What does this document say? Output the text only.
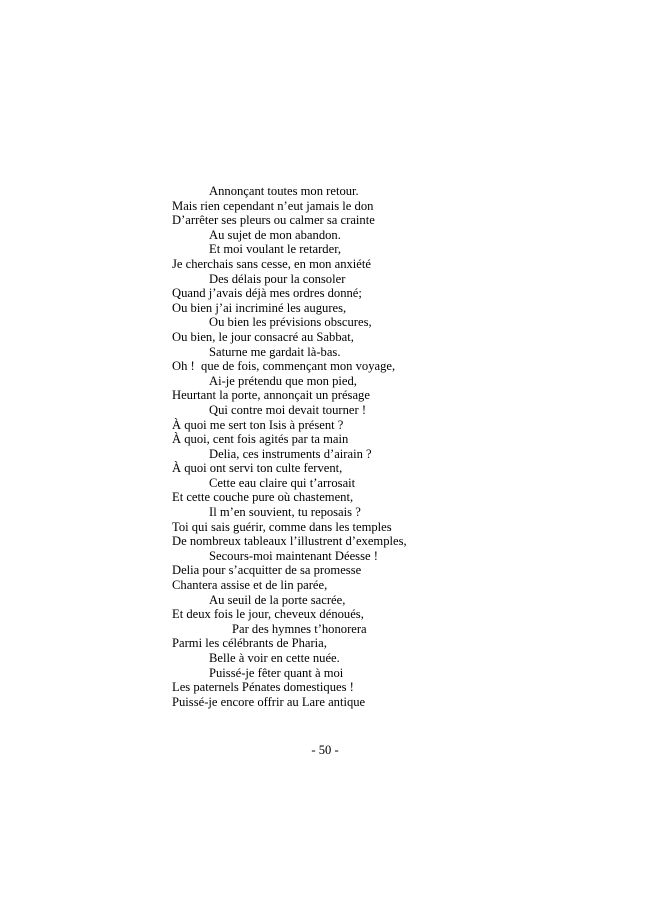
Annonçant toutes mon retour.
Mais rien cependant n’eut jamais le don
D’arrêter ses pleurs ou calmer sa crainte
Au sujet de mon abandon.
Et moi voulant le retarder,
Je cherchais sans cesse, en mon anxiété
Des délais pour la consoler
Quand j’avais déjà mes ordres donné;
Ou bien j’ai incriminé les augures,
Ou bien les prévisions obscures,
Ou bien, le jour consacré au Sabbat,
Saturne me gardait là-bas.
Oh !  que de fois, commençant mon voyage,
Ai-je prétendu que mon pied,
Heurtant la porte, annonçait un présage
Qui contre moi devait tourner !
À quoi me sert ton Isis à présent ?
À quoi, cent fois agités par ta main
Delia, ces instruments d’airain ?
À quoi ont servi ton culte fervent,
Cette eau claire qui t’arrosait
Et cette couche pure où chastement,
Il m’en souvient, tu reposais ?
Toi qui sais guérir, comme dans les temples
De nombreux tableaux l’illustrent d’exemples,
Secours-moi maintenant Déesse !
Delia pour s’acquitter de sa promesse
Chantera assise et de lin parée,
Au seuil de la porte sacrée,
Et deux fois le jour, cheveux dénoués,
Par des hymnes t’honorera
Parmi les célébrants de Pharia,
Belle à voir en cette nuée.
Puissé-je fêter quant à moi
Les paternels Pénates domestiques !
Puissé-je encore offrir au Lare antique
- 50 -
